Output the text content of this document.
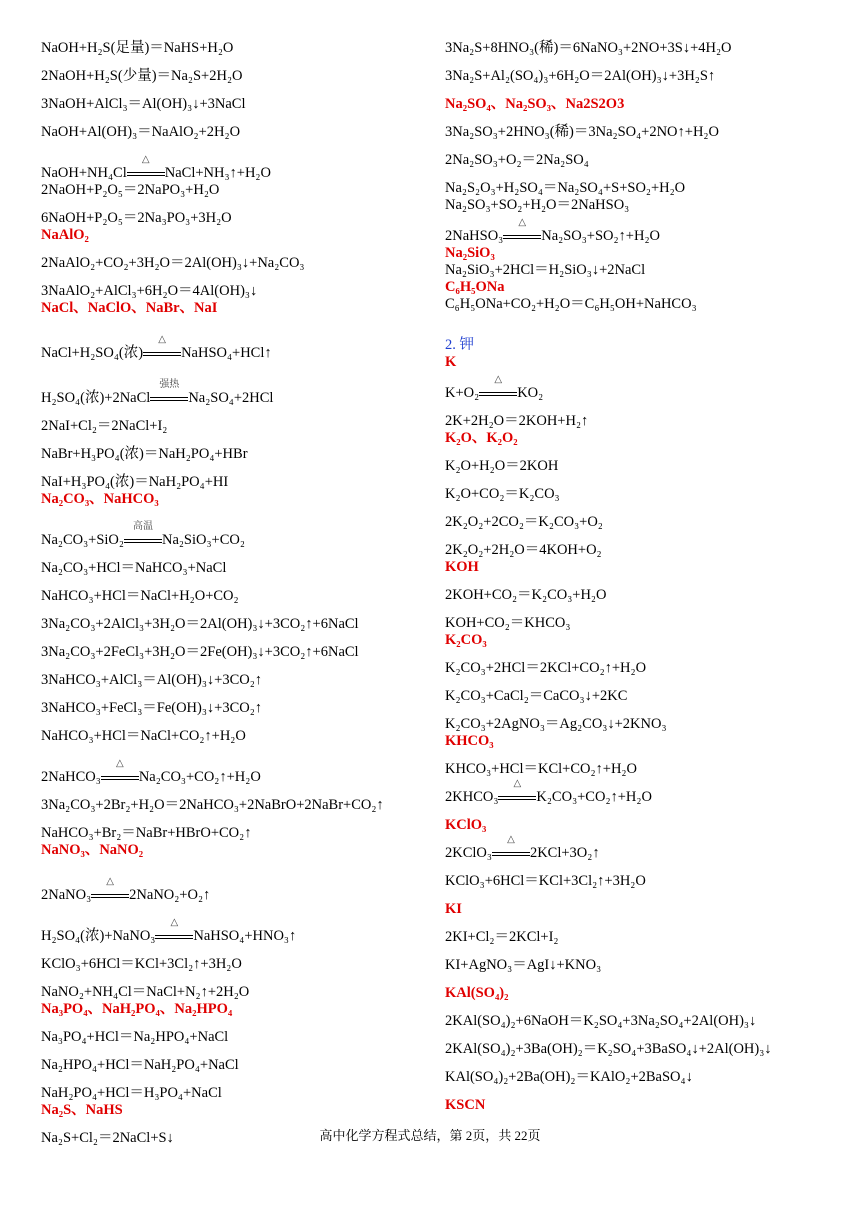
NaOH+H₂S(足量)＝NaHS+H₂O
2NaOH+H₂S(少量)＝Na₂S+2H₂O
3NaOH+AlCl₃＝Al(OH)₃↓+3NaCl
NaOH+Al(OH)₃＝NaAlO₂+2H₂O
NaOH+NH₄Cl
△
NaCl+NH₃↑+H₂O
2NaOH+P₂O₅＝2NaPO₃+H₂O
6NaOH+P₂O₅＝2Na₃PO₃+3H₂O
NaAlO₂
2NaAlO₂+CO₂+3H₂O＝2Al(OH)₃↓+Na₂CO₃
3NaAlO₂+AlCl₃+6H₂O＝4Al(OH)₃↓
NaCl、NaClO、NaBr、NaI
NaCl+H₂SO₄(浓)
△
NaHSO₄+HCl↑
H₂SO₄(浓)+2NaCl
强热
Na₂SO₄+2HCl
2NaI+Cl₂＝2NaCl+I₂
NaBr+H₃PO₄(浓)＝NaH₂PO₄+HBr
NaI+H₃PO₄(浓)＝NaH₂PO₄+HI
Na₂CO₃、NaHCO₃
Na₂CO₃+SiO₂
高温
Na₂SiO₃+CO₂
Na₂CO₃+HCl＝NaHCO₃+NaCl
NaHCO₃+HCl＝NaCl+H₂O+CO₂
3Na₂CO₃+2AlCl₃+3H₂O＝2Al(OH)₃↓+3CO₂↑+6NaCl
3Na₂CO₃+2FeCl₃+3H₂O＝2Fe(OH)₃↓+3CO₂↑+6NaCl
3NaHCO₃+AlCl₃＝Al(OH)₃↓+3CO₂↑
3NaHCO₃+FeCl₃＝Fe(OH)₃↓+3CO₂↑
NaHCO₃+HCl＝NaCl+CO₂↑+H₂O
2NaHCO₃
△
Na₂CO₃+CO₂↑+H₂O
3Na₂CO₃+2Br₂+H₂O＝2NaHCO₃+2NaBrO+2NaBr+CO₂↑
NaHCO₃+Br₂＝NaBr+HBrO+CO₂↑
NaNO₃、NaNO₂
2NaNO₃
△
2NaNO₂+O₂↑
H₂SO₄(浓)+NaNO₃
△
NaHSO₄+HNO₃↑
KClO₃+6HCl＝KCl+3Cl₂↑+3H₂O
NaNO₂+NH₄Cl＝NaCl+N₂↑+2H₂O
Na₃PO₄、NaH₂PO₄、Na₂HPO₄
Na₃PO₄+HCl＝Na₂HPO₄+NaCl
Na₂HPO₄+HCl＝NaH₂PO₄+NaCl
NaH₂PO₄+HCl＝H₃PO₄+NaCl
Na₂S、NaHS
Na₂S+Cl₂＝2NaCl+S↓
3Na₂S+8HNO₃(稀)＝6NaNO₃+2NO+3S↓+4H₂O
3Na₂S+Al₂(SO₄)₃+6H₂O＝2Al(OH)₃↓+3H₂S↑
Na₂SO₄、Na₂SO₃、Na2S2O3
3Na₂SO₃+2HNO₃(稀)＝3Na₂SO₄+2NO↑+H₂O
2Na₂SO₃+O₂＝2Na₂SO₄
Na₂S₂O₃+H₂SO₄＝Na₂SO₄+S+SO₂+H₂O
Na₂SO₃+SO₂+H₂O＝2NaHSO₃
2NaHSO₃
△
Na₂SO₃+SO₂↑+H₂O
Na₂SiO₃
Na₂SiO₃+2HCl＝H₂SiO₃↓+2NaCl
C₆H₅ONa
C₆H₅ONa+CO₂+H₂O＝C₆H₅OH+NaHCO₃
2. 钾
K
K+O₂
△
KO₂
2K+2H₂O＝2KOH+H₂↑
K₂O、K₂O₂
K₂O+H₂O＝2KOH
K₂O+CO₂＝K₂CO₃
2K₂O₂+2CO₂＝K₂CO₃+O₂
2K₂O₂+2H₂O＝4KOH+O₂
KOH
2KOH+CO₂＝K₂CO₃+H₂O
KOH+CO₂＝KHCO₃
K₂CO₃
K₂CO₃+2HCl＝2KCl+CO₂↑+H₂O
K₂CO₃+CaCl₂＝CaCO₃↓+2KC
K₂CO₃+2AgNO₃＝Ag₂CO₃↓+2KNO₃
KHCO₃
KHCO₃+HCl＝KCl+CO₂↑+H₂O
2KHCO₃
△
K₂CO₃+CO₂↑+H₂O
KClO₃
2KClO₃
△
2KCl+3O₂↑
KClO₃+6HCl＝KCl+3Cl₂↑+3H₂O
KI
2KI+Cl₂＝2KCl+I₂
KI+AgNO₃＝AgI↓+KNO₃
KAl(SO₄)₂
2KAl(SO₄)₂+6NaOH＝K₂SO₄+3Na₂SO₄+2Al(OH)₃↓
2KAl(SO₄)₂+3Ba(OH)₂＝K₂SO₄+3BaSO₄↓+2Al(OH)₃↓
KAl(SO₄)₂+2Ba(OH)₂＝KAlO₂+2BaSO₄↓
KSCN
高中化学方程式总结，第 2页，共 22页
